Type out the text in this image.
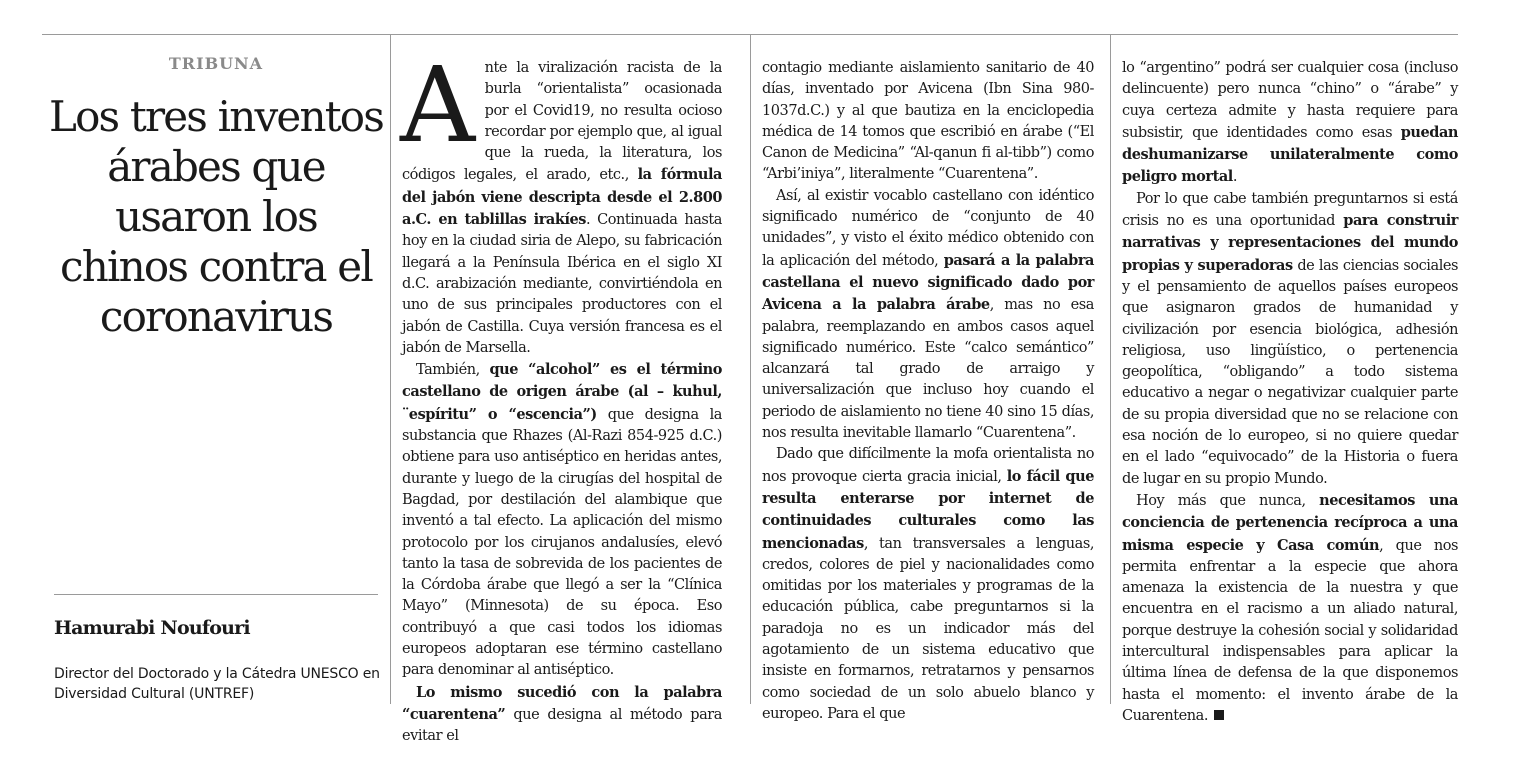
TRIBUNA
Los tres inventos árabes que usaron los chinos contra el coronavirus
Hamurabi Noufouri
Director del Doctorado y la Cátedra UNESCO en Diversidad Cultural (UNTREF)

Ante la viralización racista de la burla “orientalista” ocasionada por el Covid19, no resulta ocioso recordar por ejemplo que, al igual que la rueda, la literatura, los códigos legales, el arado, etc., la fórmula del jabón viene descripta desde el 2.800 a.C. en tablillas irakíes. Continuada hasta hoy en la ciudad siria de Alepo, su fabricación llegará a la Península Ibérica en el siglo XI d.C. arabización mediante, convirtiéndola en uno de sus principales productores con el jabón de Castilla. Cuya versión francesa es el jabón de Marsella.

También, que “alcohol” es el término castellano de origen árabe (al – kuhul, ¨espíritu” o “escencia”) que designa la substancia que Rhazes (Al-Razi 854-925 d.C.) obtiene para uso antiséptico en heridas antes, durante y luego de la cirugías del hospital de Bagdad, por destilación del alambique que inventó a tal efecto. La aplicación del mismo protocolo por los cirujanos andalusíes, elevó tanto la tasa de sobrevida de los pacientes de la Córdoba árabe que llegó a ser la “Clínica Mayo” (Minnesota) de su época. Eso contribuyó a que casi todos los idiomas europeos adoptaran ese término castellano para denominar al antiséptico.

Lo mismo sucedió con la palabra “cuarentena” que designa al método para evitar el

contagio mediante aislamiento sanitario de 40 días, inventado por Avicena (Ibn Sina 980-1037d.C.) y al que bautiza en la enciclopedia médica de 14 tomos que escribió en árabe (“El Canon de Medicina” “Al-qanun fi al-tibb”) como “Arbi’iniya”, literalmente “Cuarentena”.

Así, al existir vocablo castellano con idéntico significado numérico de “conjunto de 40 unidades”, y visto el éxito médico obtenido con la aplicación del método, pasará a la palabra castellana el nuevo significado dado por Avicena a la palabra árabe, mas no esa palabra, reemplazando en ambos casos aquel significado numérico. Este “calco semántico” alcanzará tal grado de arraigo y universalización que incluso hoy cuando el periodo de aislamiento no tiene 40 sino 15 días, nos resulta inevitable llamarlo “Cuarentena”.

Dado que difícilmente la mofa orientalista no nos provoque cierta gracia inicial, lo fácil que resulta enterarse por internet de continuidades culturales como las mencionadas, tan transversales a lenguas, credos, colores de piel y nacionalidades como omitidas por los materiales y programas de la educación pública, cabe preguntarnos si la paradoja no es un indicador más del agotamiento de un sistema educativo que insiste en formarnos, retratarnos y pensarnos como sociedad de un solo abuelo blanco y europeo. Para el que

lo “argentino” podrá ser cualquier cosa (incluso delincuente) pero nunca “chino” o “árabe” y cuya certeza admite y hasta requiere para subsistir, que identidades como esas puedan deshumanizarse unilateralmente como peligro mortal.

Por lo que cabe también preguntarnos si está crisis no es una oportunidad para construir narrativas y representaciones del mundo propias y superadoras de las ciencias sociales y el pensamiento de aquellos países europeos que asignaron grados de humanidad y civilización por esencia biológica, adhesión religiosa, uso lingüístico, o pertenencia geopolítica, “obligando” a todo sistema educativo a negar o negativizar cualquier parte de su propia diversidad que no se relacione con esa noción de lo europeo, si no quiere quedar en el lado “equivocado” de la Historia o fuera de lugar en su propio Mundo.

Hoy más que nunca, necesitamos una conciencia de pertenencia recíproca a una misma especie y Casa común, que nos permita enfrentar a la especie que ahora amenaza la existencia de la nuestra y que encuentra en el racismo a un aliado natural, porque destruye la cohesión social y solidaridad intercultural indispensables para aplicar la última línea de defensa de la que disponemos hasta el momento: el invento árabe de la Cuarentena.
